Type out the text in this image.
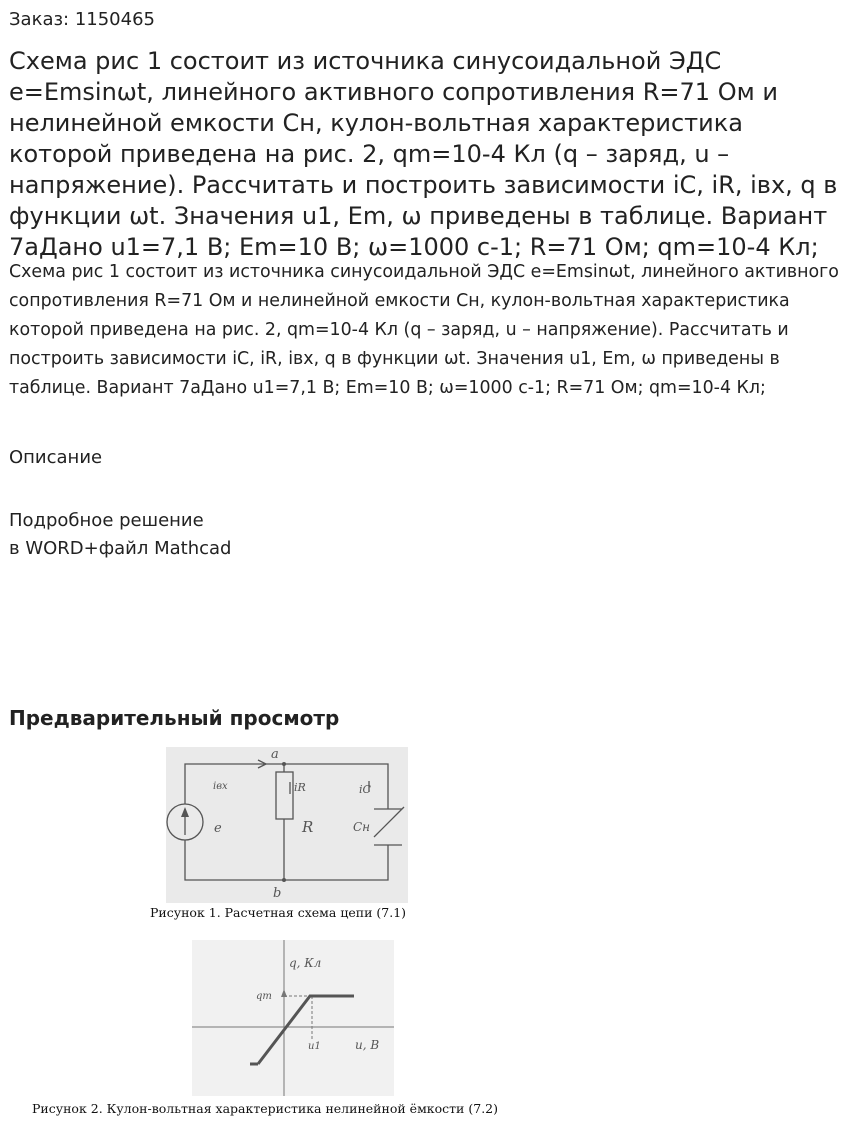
Заказ: 1150465
Схема рис 1 состоит из источника синусоидальной ЭДС e=Emsinωt, линейного активного сопротивления R=71 Ом и нелинейной емкости Cн, кулон-вольтная характеристика которой приведена на рис. 2, qm=10-4 Кл (q – заряд, u – напряжение). Рассчитать и построить зависимости iC, iR, iвх, q в функции ωt. Значения u1, Em, ω приведены в таблице. Вариант 7аДано u1=7,1 В; Em=10 В; ω=1000 с-1; R=71 Ом; qm=10-4 Кл;
Схема рис 1 состоит из источника синусоидальной ЭДС e=Emsinωt, линейного активного сопротивления R=71 Ом и нелинейной емкости Cн, кулон-вольтная характеристика которой приведена на рис. 2, qm=10-4 Кл (q – заряд, u – напряжение). Рассчитать и построить зависимости iC, iR, iвх, q в функции ωt. Значения u1, Em, ω приведены в таблице. Вариант 7аДано u1=7,1 В; Em=10 В; ω=1000 с-1; R=71 Ом; qm=10-4 Кл;
Описание
Подробное решение
в WORD+файл Mathcad
Предварительный просмотр
a
b
iвх
e
iR
R
iC
Cн
Рисунок 1. Расчетная схема цепи (7.1)
q, Кл
qm
u1	u, В
Рисунок 2. Кулон-вольтная характеристика нелинейной ёмкости (7.2)
